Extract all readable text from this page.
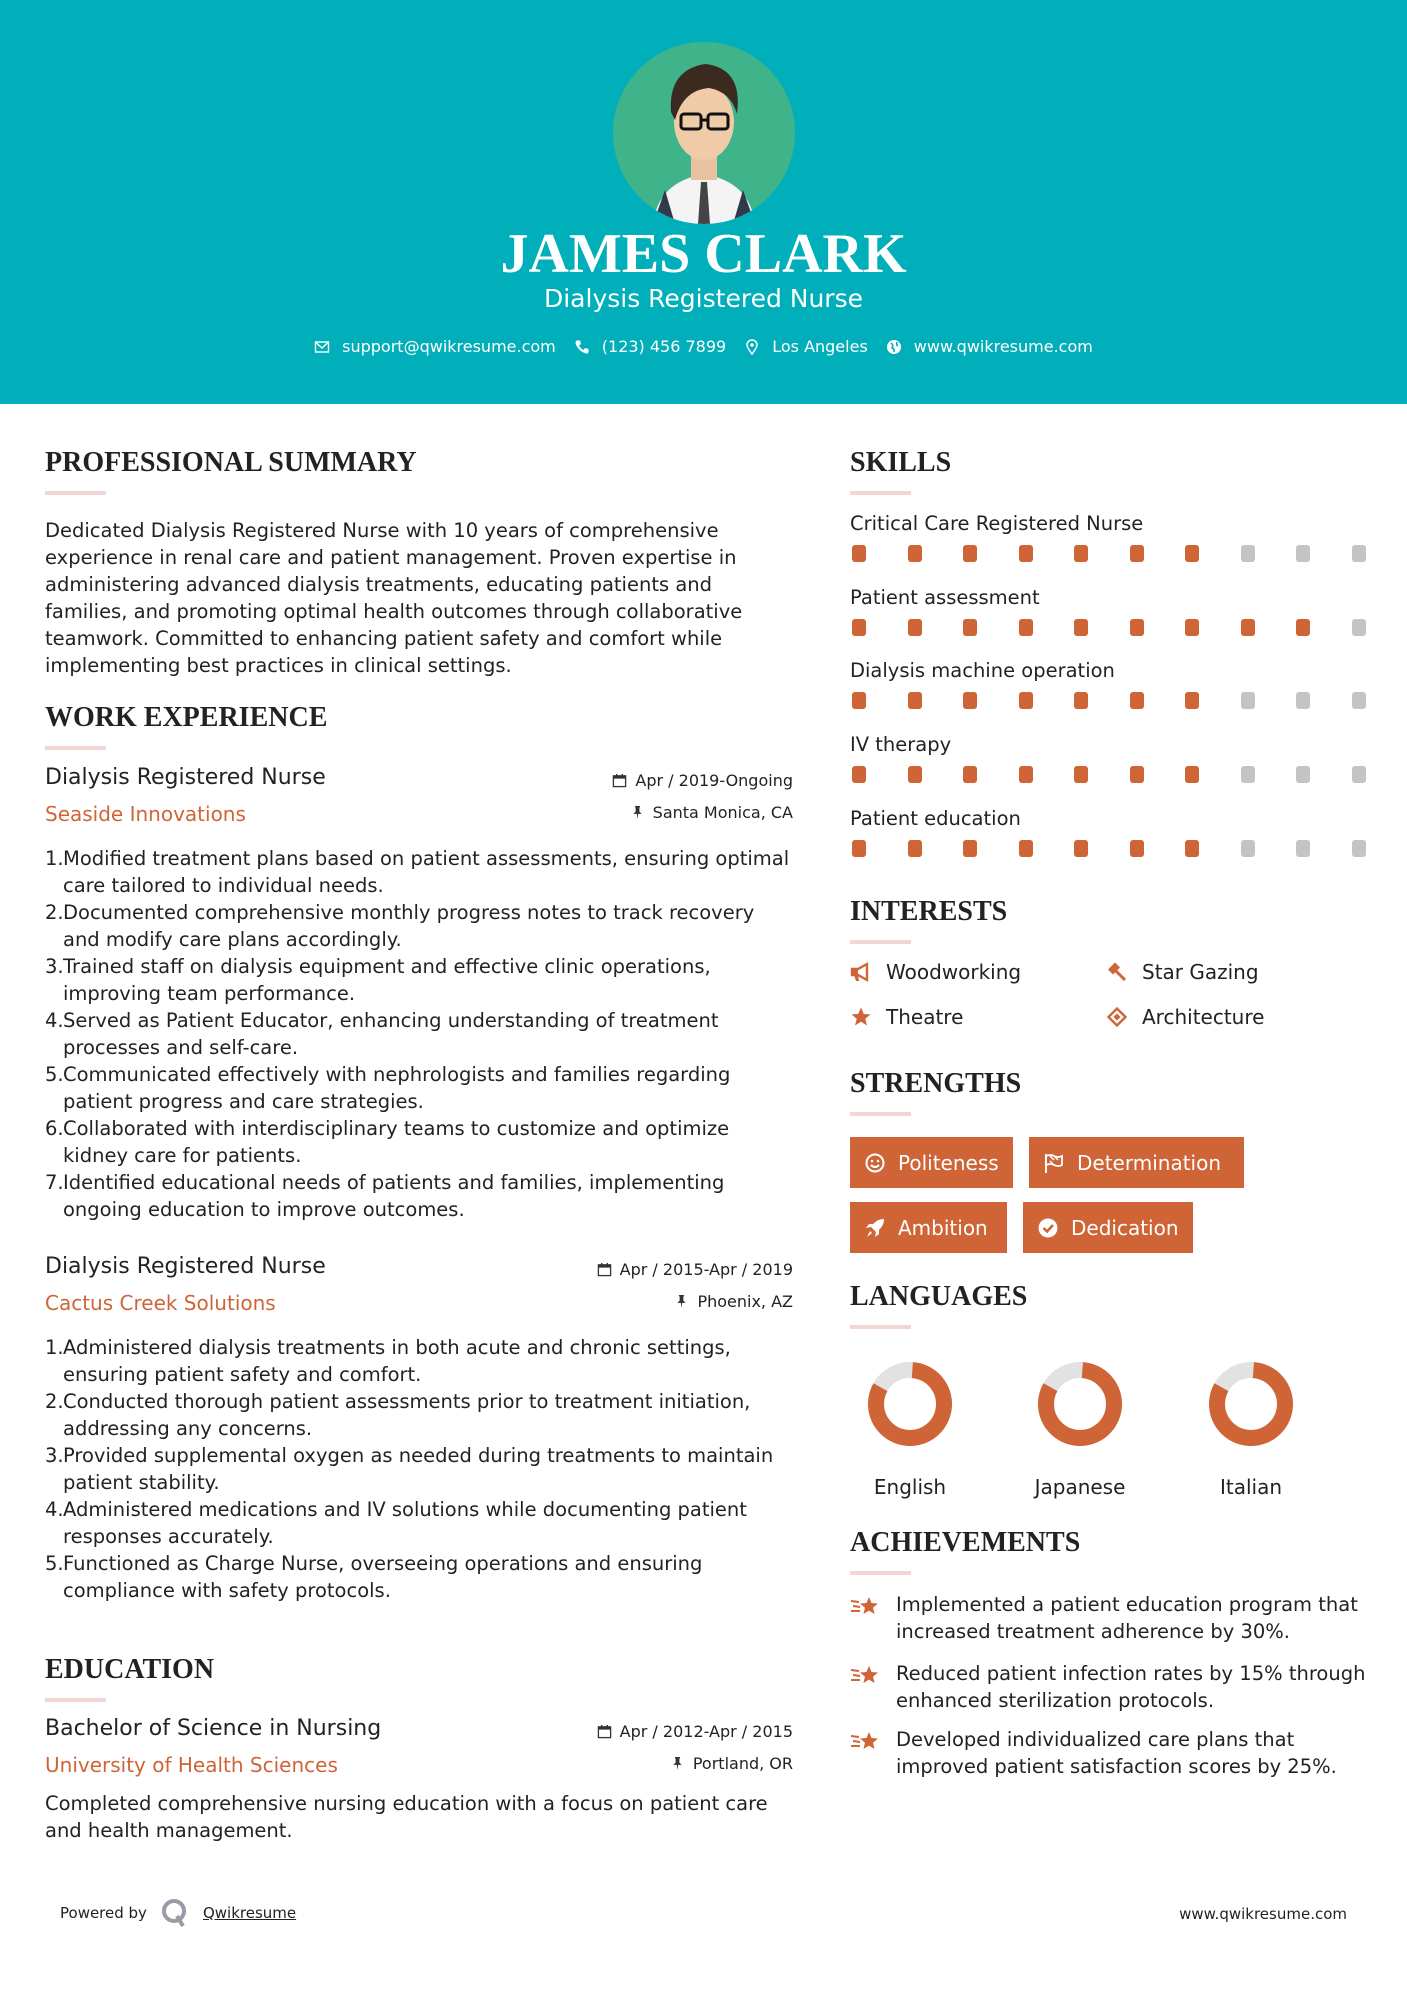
JAMES CLARK
Dialysis Registered Nurse
support@qwikresume.com	(123) 456 7899	Los Angeles	www.qwikresume.com
PROFESSIONAL SUMMARY

Dedicated Dialysis Registered Nurse with 10 years of comprehensive experience in renal care and patient management. Proven expertise in administering advanced dialysis treatments, educating patients and families, and promoting optimal health outcomes through collaborative teamwork. Committed to enhancing patient safety and comfort while implementing best practices in clinical settings.

WORK EXPERIENCE
Dialysis Registered Nurse
Seaside Innovations
Apr / 2019-Ongoing
Santa Monica, CA
1. Modified treatment plans based on patient assessments, ensuring optimal care tailored to individual needs.
2. Documented comprehensive monthly progress notes to track recovery and modify care plans accordingly.
3. Trained staff on dialysis equipment and effective clinic operations, improving team performance.
4. Served as Patient Educator, enhancing understanding of treatment processes and self-care.
5. Communicated effectively with nephrologists and families regarding patient progress and care strategies.
6. Collaborated with interdisciplinary teams to customize and optimize kidney care for patients.
7. Identified educational needs of patients and families, implementing ongoing education to improve outcomes.
Dialysis Registered Nurse
Cactus Creek Solutions
Apr / 2015-Apr / 2019
Phoenix, AZ
1. Administered dialysis treatments in both acute and chronic settings, ensuring patient safety and comfort.
2. Conducted thorough patient assessments prior to treatment initiation, addressing any concerns.
3. Provided supplemental oxygen as needed during treatments to maintain patient stability.
4. Administered medications and IV solutions while documenting patient responses accurately.
5. Functioned as Charge Nurse, overseeing operations and ensuring compliance with safety protocols.
EDUCATION
Bachelor of Science in Nursing
University of Health Sciences
Apr / 2012-Apr / 2015
Portland, OR

Completed comprehensive nursing education with a focus on patient care and health management.

SKILLS
Critical Care Registered Nurse
Patient assessment
Dialysis machine operation
IV therapy
Patient education
INTERESTS
Woodworking	Star Gazing
Theatre	Architecture
STRENGTHS
Politeness	Determination
Ambition	Dedication
LANGUAGES
English	Japanese	Italian
ACHIEVEMENTS
Implemented a patient education program that increased treatment adherence by 30%.
Reduced patient infection rates by 15% through enhanced sterilization protocols.
Developed individualized care plans that improved patient satisfaction scores by 25%.
Powered by	Qwikresume	www.qwikresume.com
